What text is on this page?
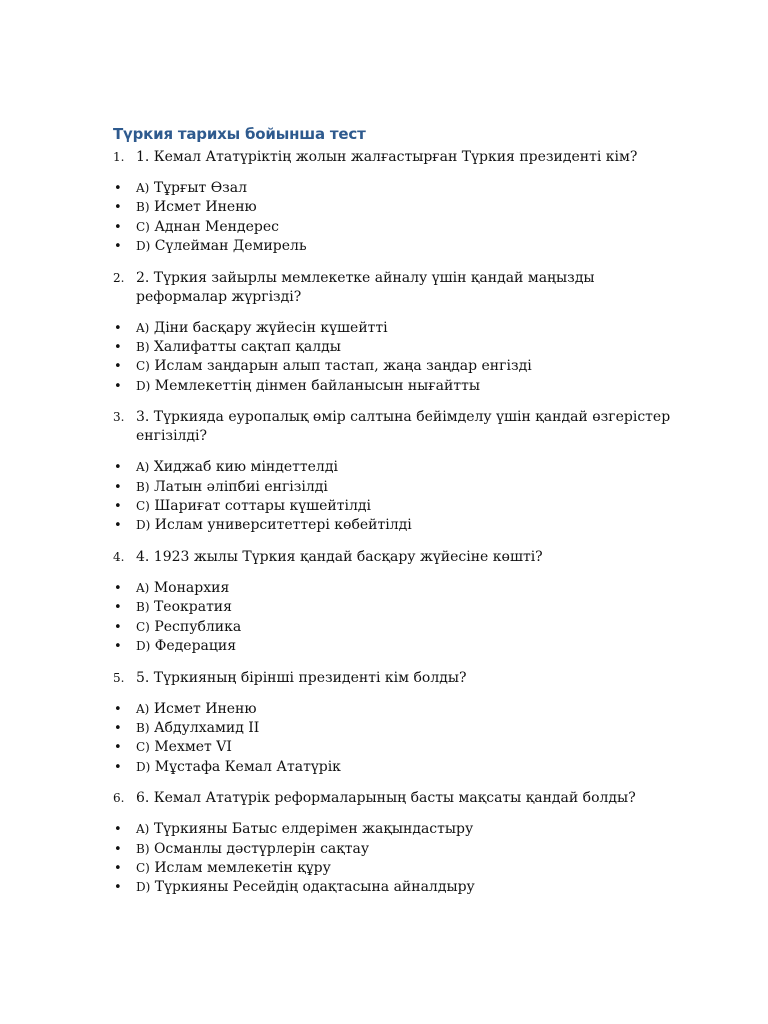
Түркия тарихы бойынша тест
1. 1. Кемал Ататүріктің жолын жалғастырған Түркия президенті кім?
• A) Тұрғыт Өзал
• B) Исмет Иненю
• C) Аднан Мендерес
• D) Сүлейман Демирель
2. 2. Түркия зайырлы мемлекетке айналу үшін қандай маңызды реформалар жүргізді?
• A) Діни басқару жүйесін күшейтті
• B) Халифатты сақтап қалды
• C) Ислам заңдарын алып тастап, жаңа заңдар енгізді
• D) Мемлекеттің дінмен байланысын нығайтты
3. 3. Түркияда еуропалық өмір салтына бейімделу үшін қандай өзгерістер енгізілді?
• A) Хиджаб кию міндеттелді
• B) Латын әліпбиі енгізілді
• C) Шариғат соттары күшейтілді
• D) Ислам университеттері көбейтілді
4. 4. 1923 жылы Түркия қандай басқару жүйесіне көшті?
• A) Монархия
• B) Теократия
• C) Республика
• D) Федерация
5. 5. Түркияның бірінші президенті кім болды?
• A) Исмет Иненю
• B) Абдулхамид II
• C) Мехмет VI
• D) Мұстафа Кемал Ататүрік
6. 6. Кемал Ататүрік реформаларының басты мақсаты қандай болды?
• A) Түркияны Батыс елдерімен жақындастыру
• B) Османлы дәстүрлерін сақтау
• C) Ислам мемлекетін құру
• D) Түркияны Ресейдің одақтасына айналдыру
